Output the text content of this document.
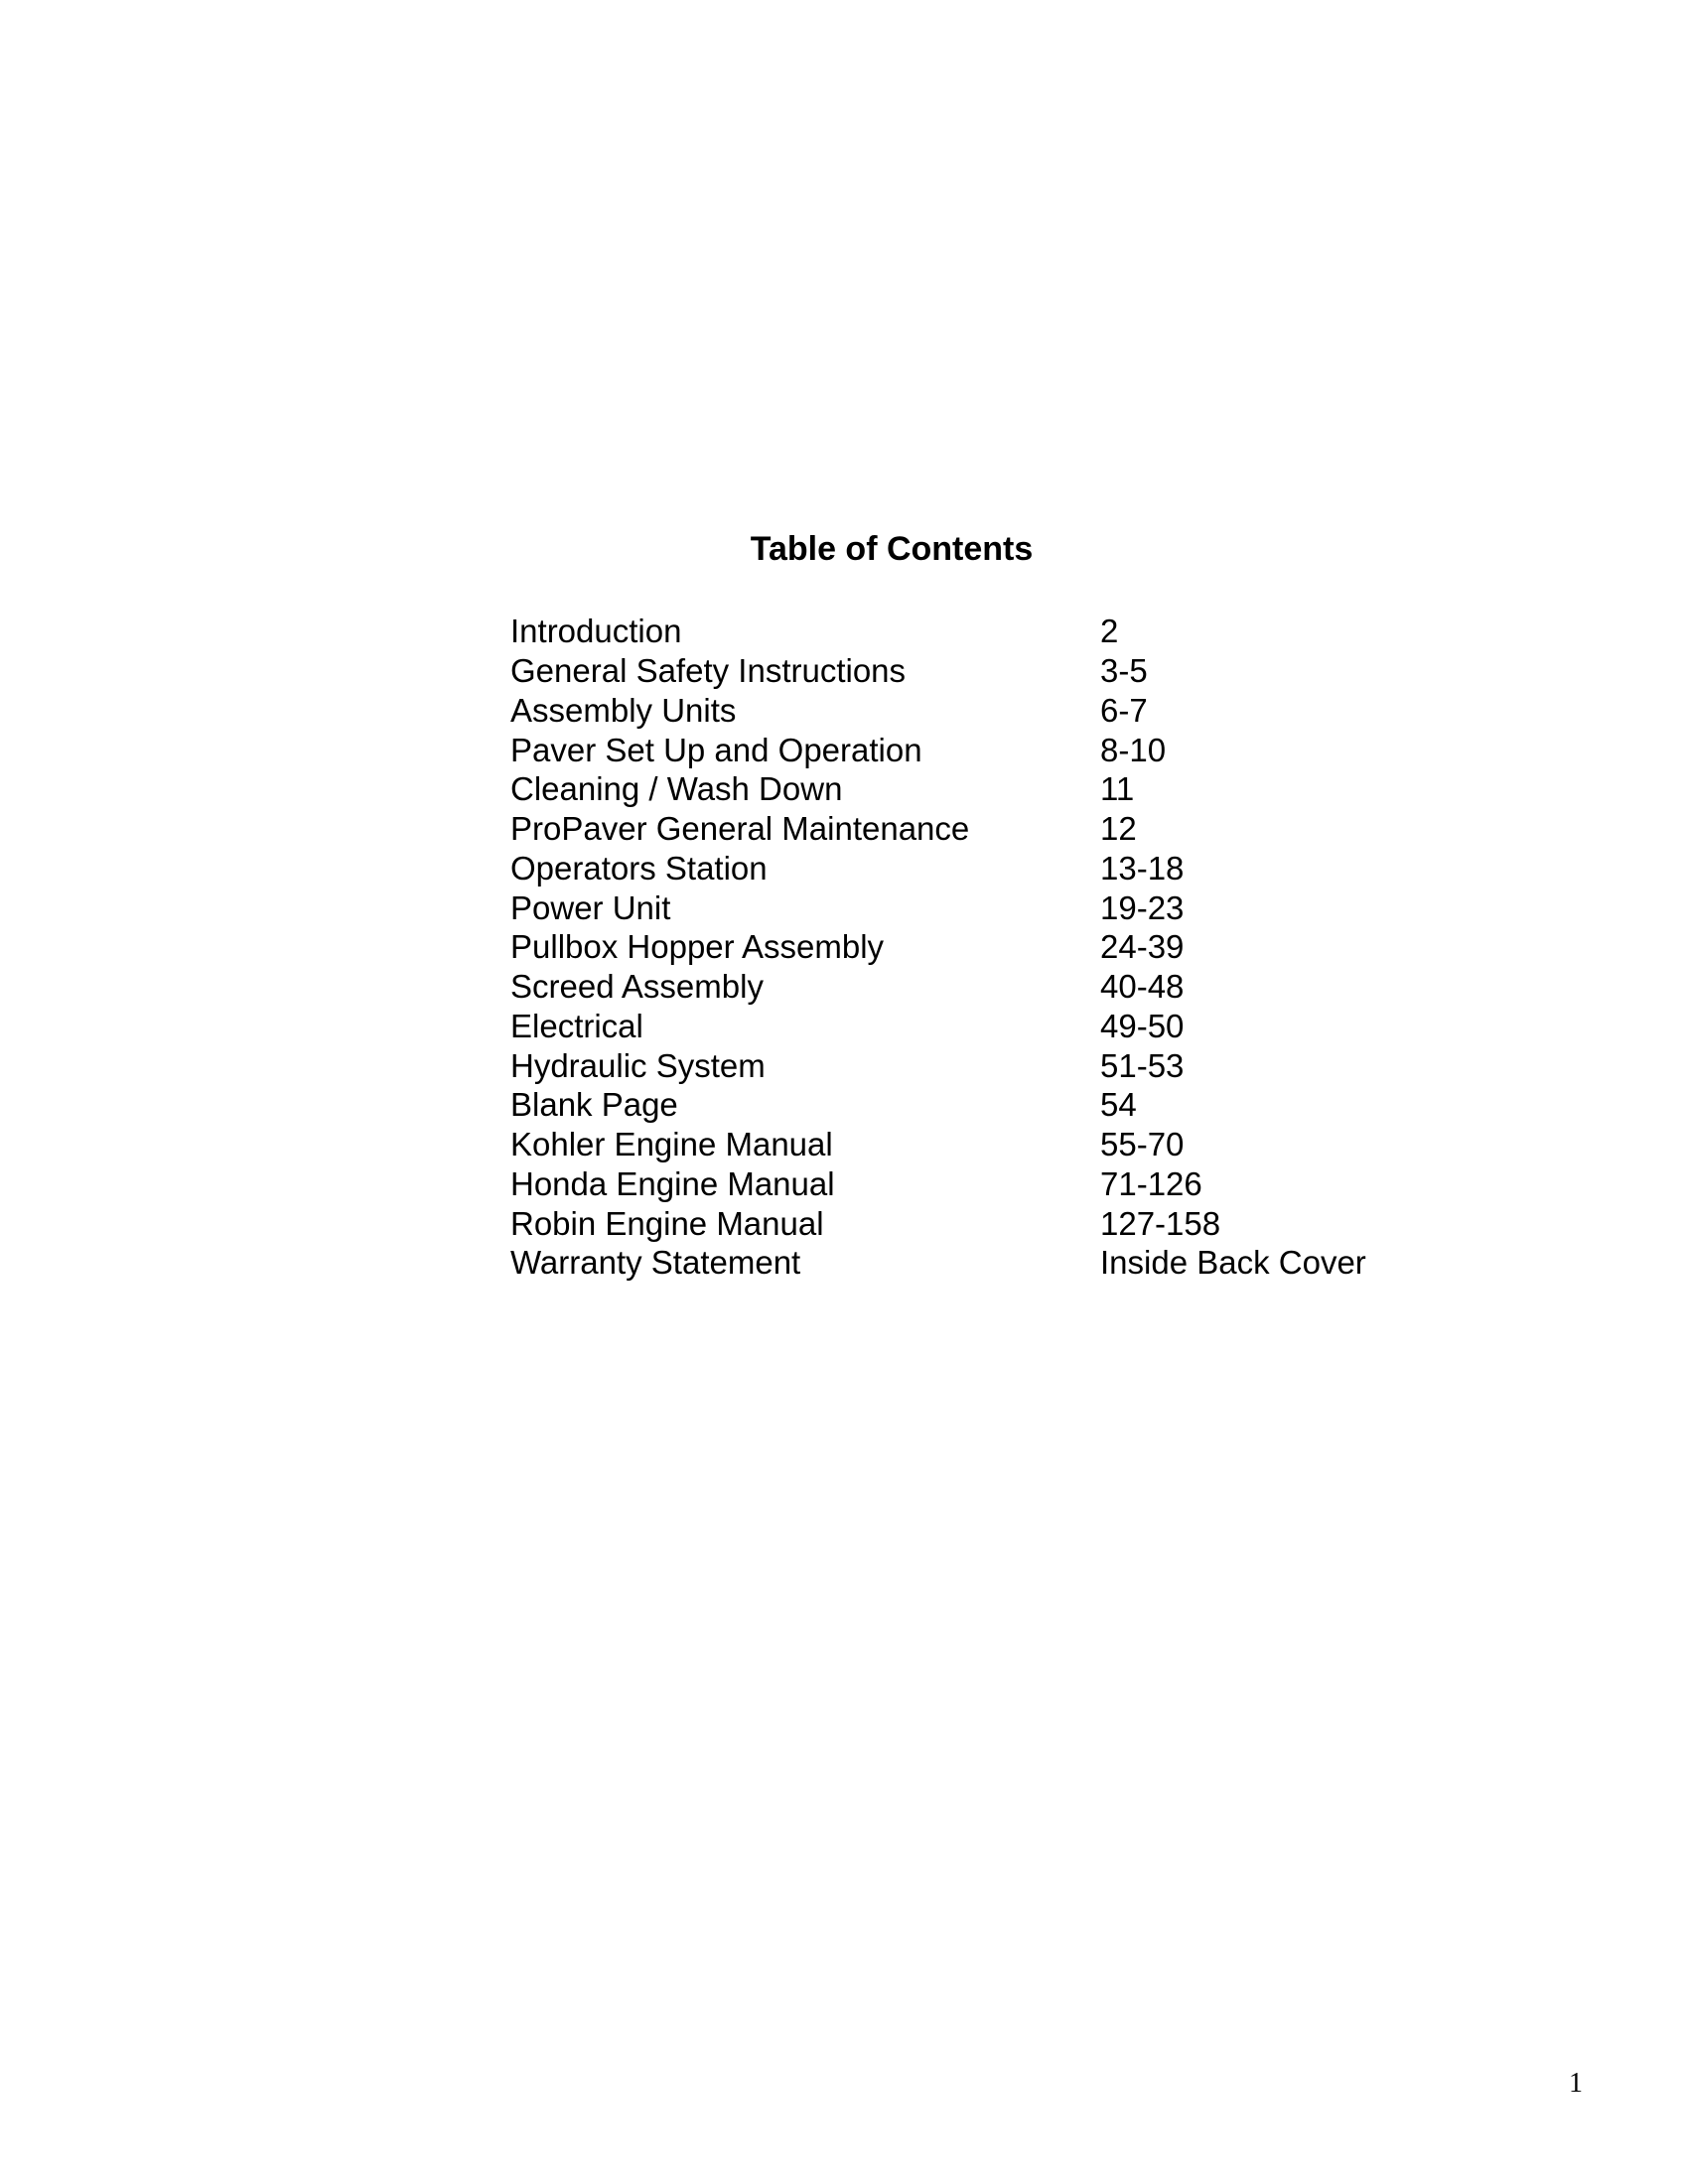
Table of Contents
Introduction	2
General Safety Instructions	3-5
Assembly Units	6-7
Paver Set Up and Operation	8-10
Cleaning / Wash Down	11
ProPaver General Maintenance	12
Operators Station	13-18
Power Unit	19-23
Pullbox Hopper Assembly	24-39
Screed Assembly	40-48
Electrical	49-50
Hydraulic System	51-53
Blank Page	54
Kohler Engine Manual	55-70
Honda Engine Manual	71-126
Robin Engine Manual	127-158
Warranty Statement	Inside Back Cover
1
